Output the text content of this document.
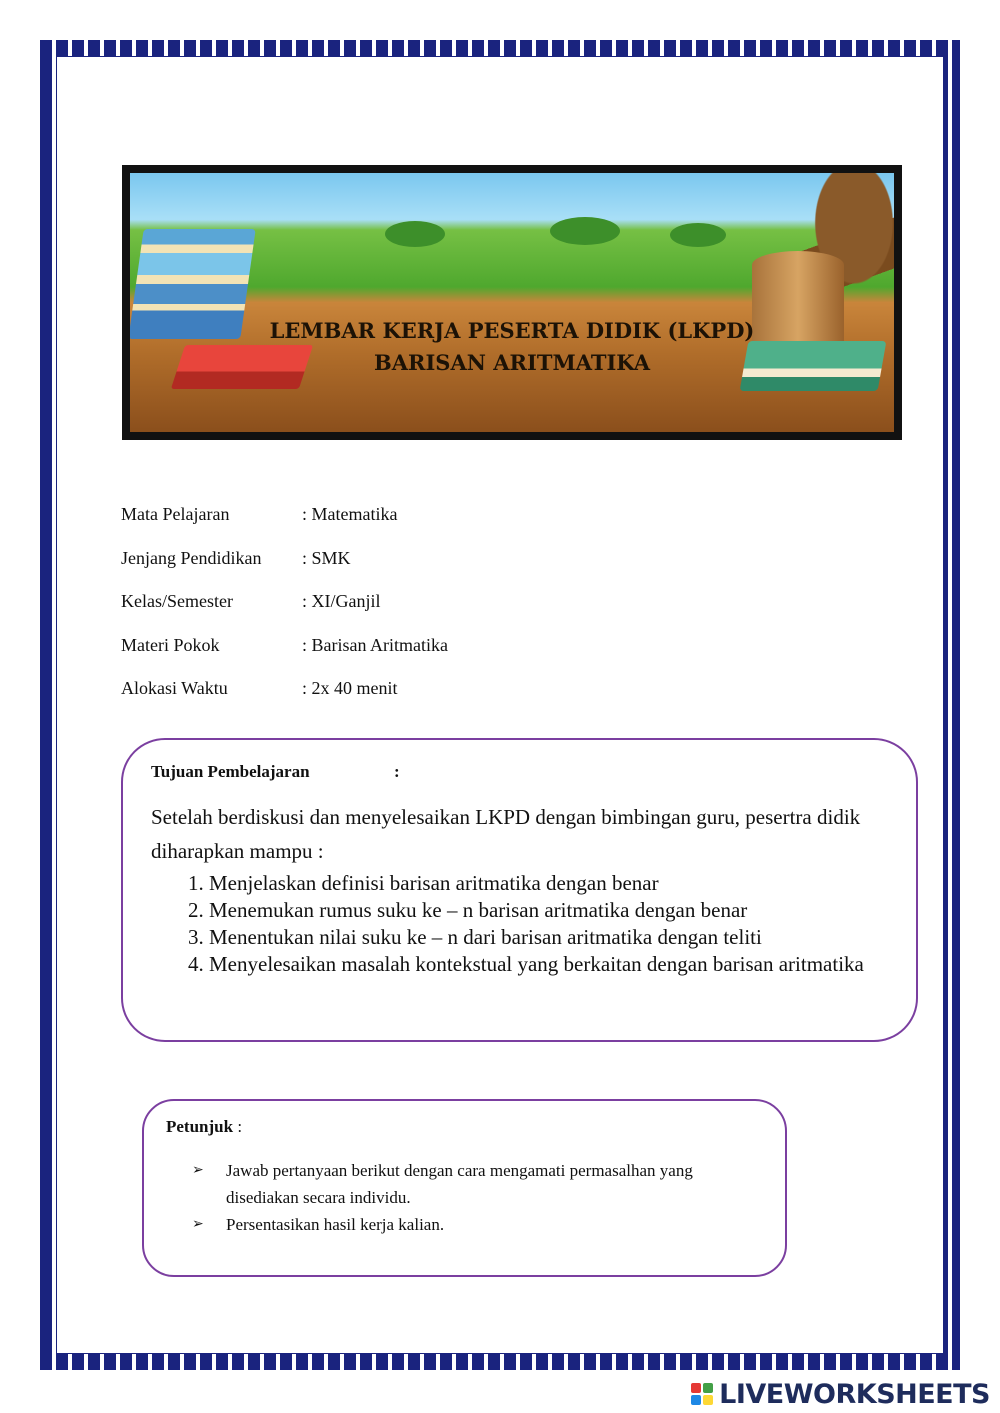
LEMBAR KERJA PESERTA DIDIK (LKPD)
BARISAN ARITMATIKA
Mata Pelajaran	: Matematika
Jenjang Pendidikan	: SMK
Kelas/Semester	: XI/Ganjil
Materi Pokok	: Barisan Aritmatika
Alokasi Waktu	: 2x 40 menit
Tujuan Pembelajaran	:
Setelah berdiskusi dan menyelesaikan LKPD dengan bimbingan guru, pesertra didik diharapkan mampu :
1. Menjelaskan definisi barisan aritmatika dengan benar
2. Menemukan rumus suku ke – n barisan aritmatika dengan benar
3. Menentukan nilai suku ke – n dari barisan aritmatika dengan teliti
4. Menyelesaikan masalah kontekstual yang berkaitan dengan barisan aritmatika
Petunjuk :
➢ Jawab pertanyaan berikut dengan cara mengamati permasalhan yang disediakan secara individu.
➢ Persentasikan hasil kerja kalian.
LIVEWORKSHEETS
